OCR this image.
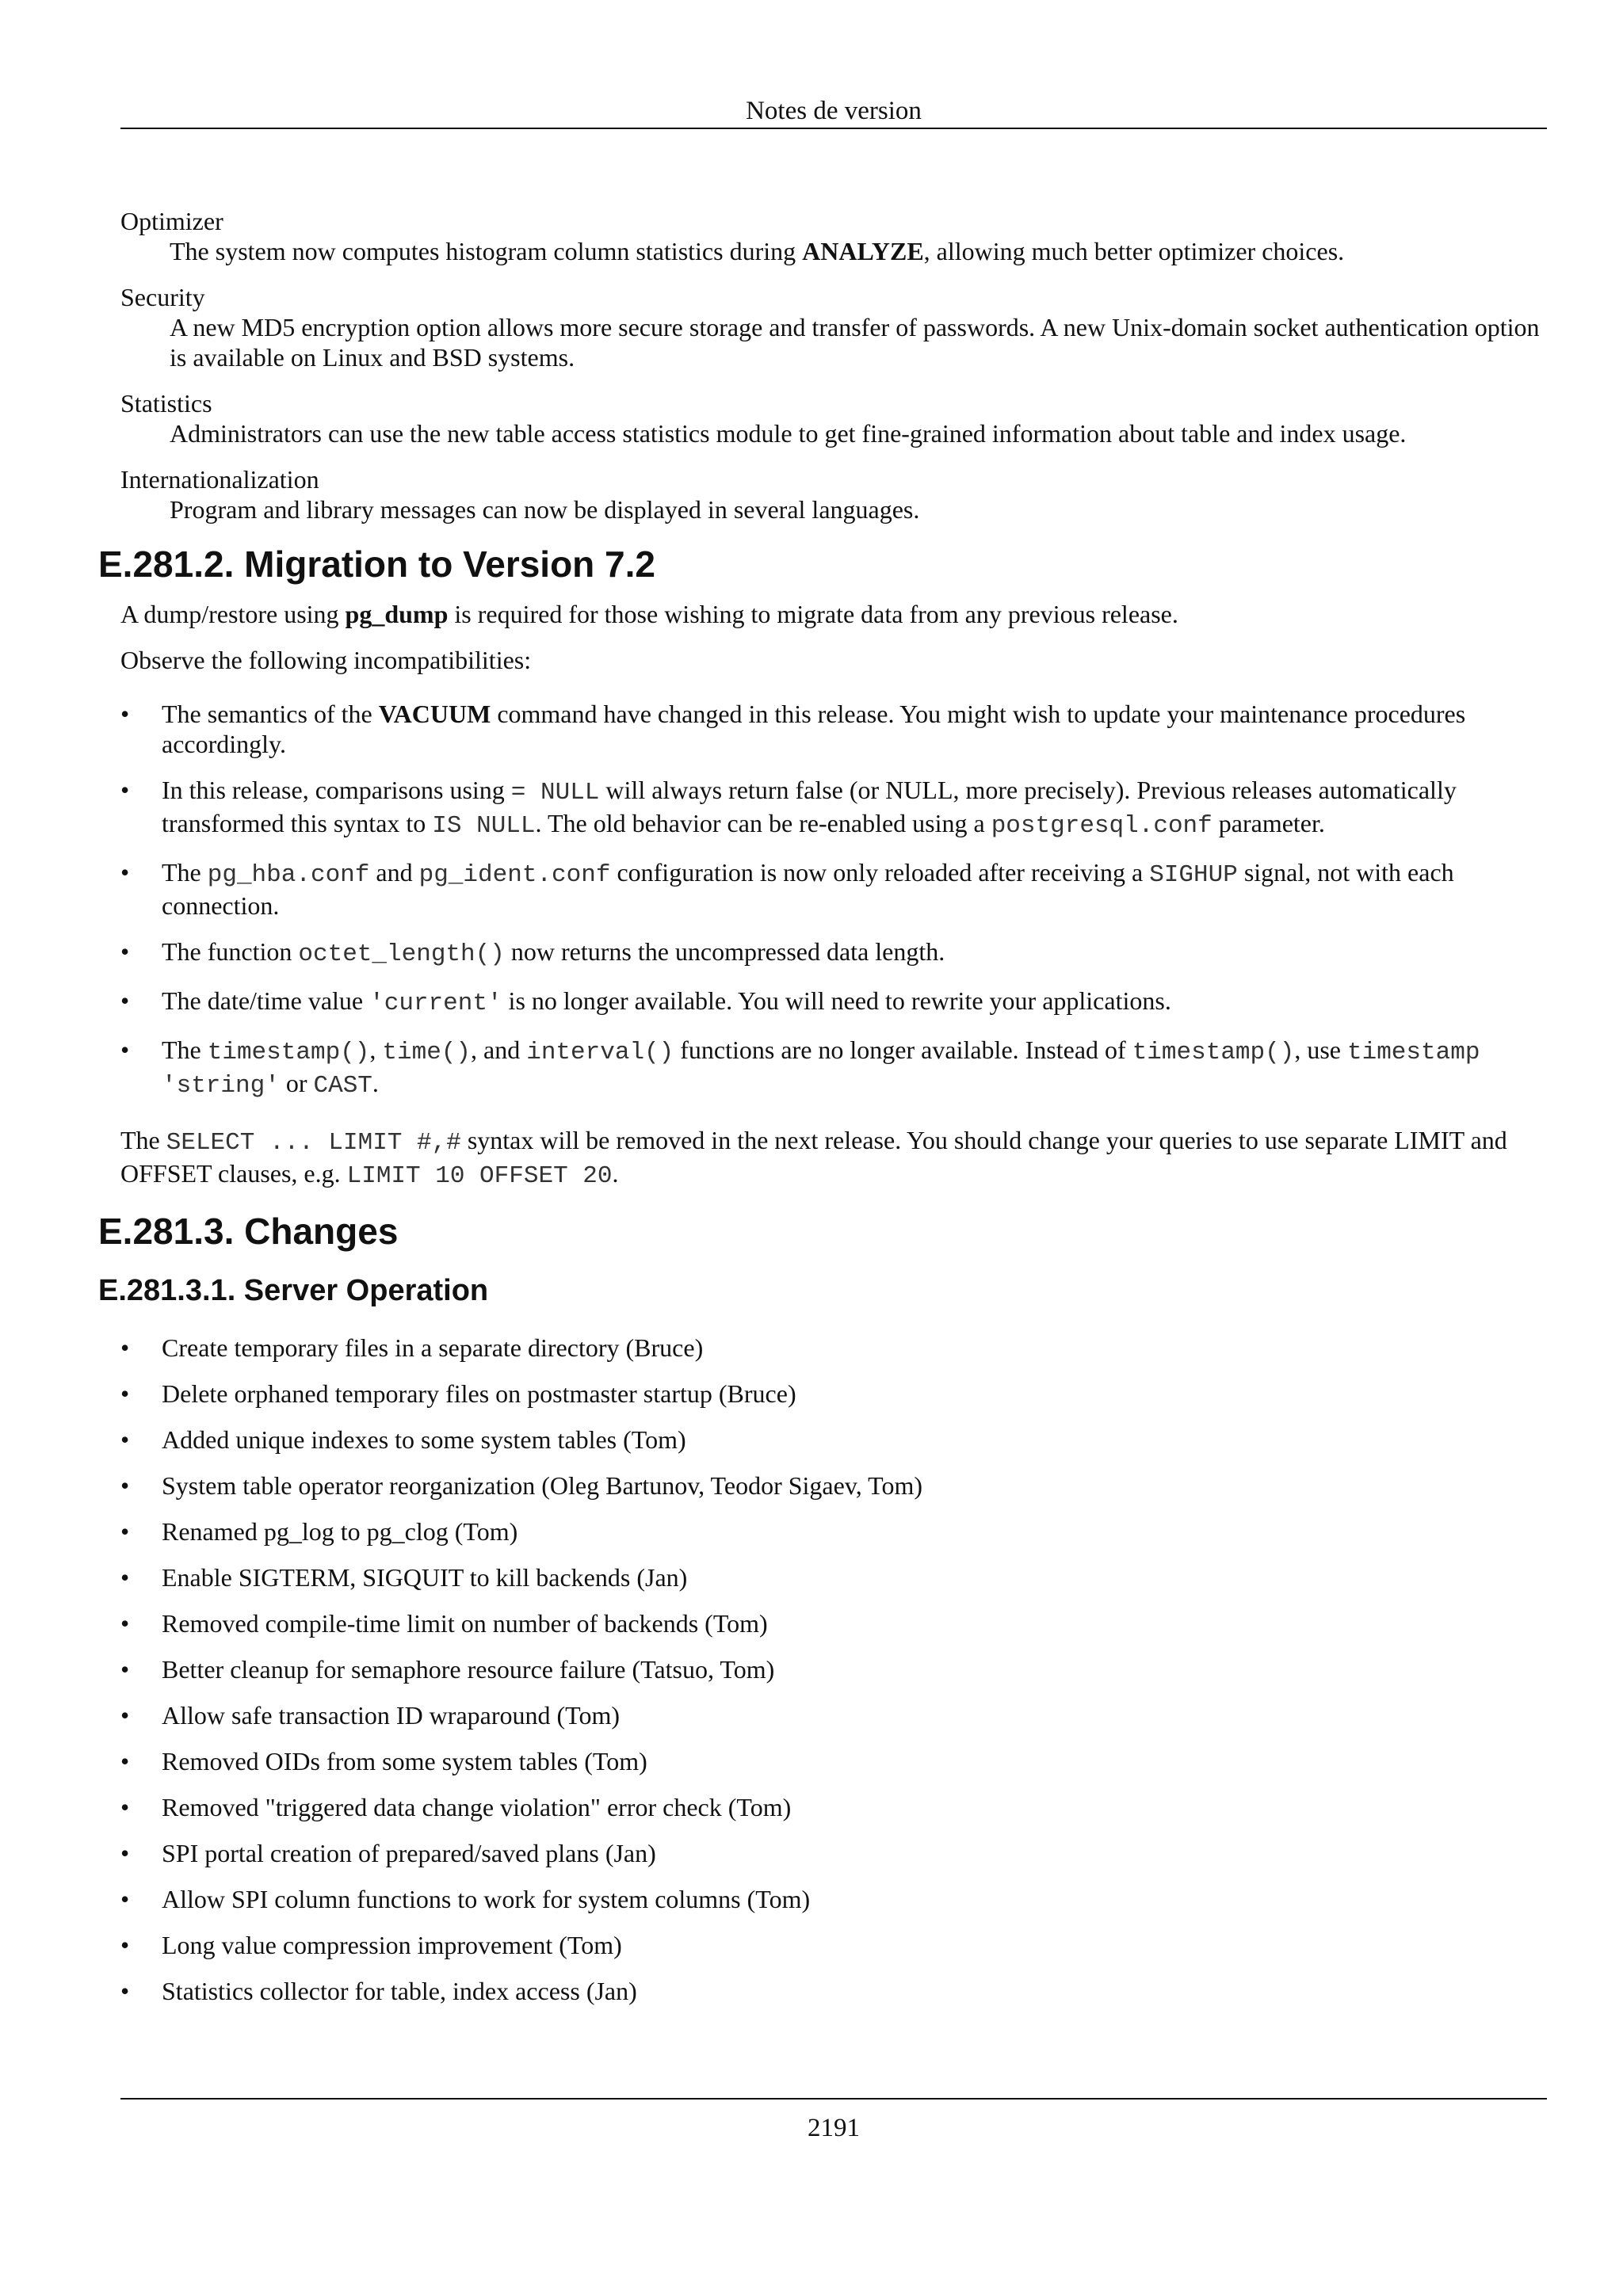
Notes de version

Optimizer

The system now computes histogram column statistics during ANALYZE, allowing much better optimizer choices.

Security

A new MD5 encryption option allows more secure storage and transfer of passwords. A new Unix-domain socket authentication option is available on Linux and BSD systems.

Statistics

Administrators can use the new table access statistics module to get fine-grained information about table and index usage.

Internationalization

Program and library messages can now be displayed in several languages.

E.281.2. Migration to Version 7.2

A dump/restore using pg_dump is required for those wishing to migrate data from any previous release.

Observe the following incompatibilities:

•	The semantics of the VACUUM command have changed in this release. You might wish to update your maintenance procedures accordingly.
•	In this release, comparisons using = NULL will always return false (or NULL, more precisely). Previous releases automatically transformed this syntax to IS NULL. The old behavior can be re-enabled using a postgresql.conf parameter.
•	The pg_hba.conf and pg_ident.conf configuration is now only reloaded after receiving a SIGHUP signal, not with each connection.
•	The function octet_length() now returns the uncompressed data length.
•	The date/time value 'current' is no longer available. You will need to rewrite your applications.
•	The timestamp(), time(), and interval() functions are no longer available. Instead of timestamp(), use timestamp 'string' or CAST.

The SELECT ... LIMIT #,# syntax will be removed in the next release. You should change your queries to use separate LIMIT and OFFSET clauses, e.g. LIMIT 10 OFFSET 20.

E.281.3. Changes
E.281.3.1. Server Operation
•	Create temporary files in a separate directory (Bruce)
•	Delete orphaned temporary files on postmaster startup (Bruce)
•	Added unique indexes to some system tables (Tom)
•	System table operator reorganization (Oleg Bartunov, Teodor Sigaev, Tom)
•	Renamed pg_log to pg_clog (Tom)
•	Enable SIGTERM, SIGQUIT to kill backends (Jan)
•	Removed compile-time limit on number of backends (Tom)
•	Better cleanup for semaphore resource failure (Tatsuo, Tom)
•	Allow safe transaction ID wraparound (Tom)
•	Removed OIDs from some system tables (Tom)
•	Removed "triggered data change violation" error check (Tom)
•	SPI portal creation of prepared/saved plans (Jan)
•	Allow SPI column functions to work for system columns (Tom)
•	Long value compression improvement (Tom)
•	Statistics collector for table, index access (Jan)
2191
